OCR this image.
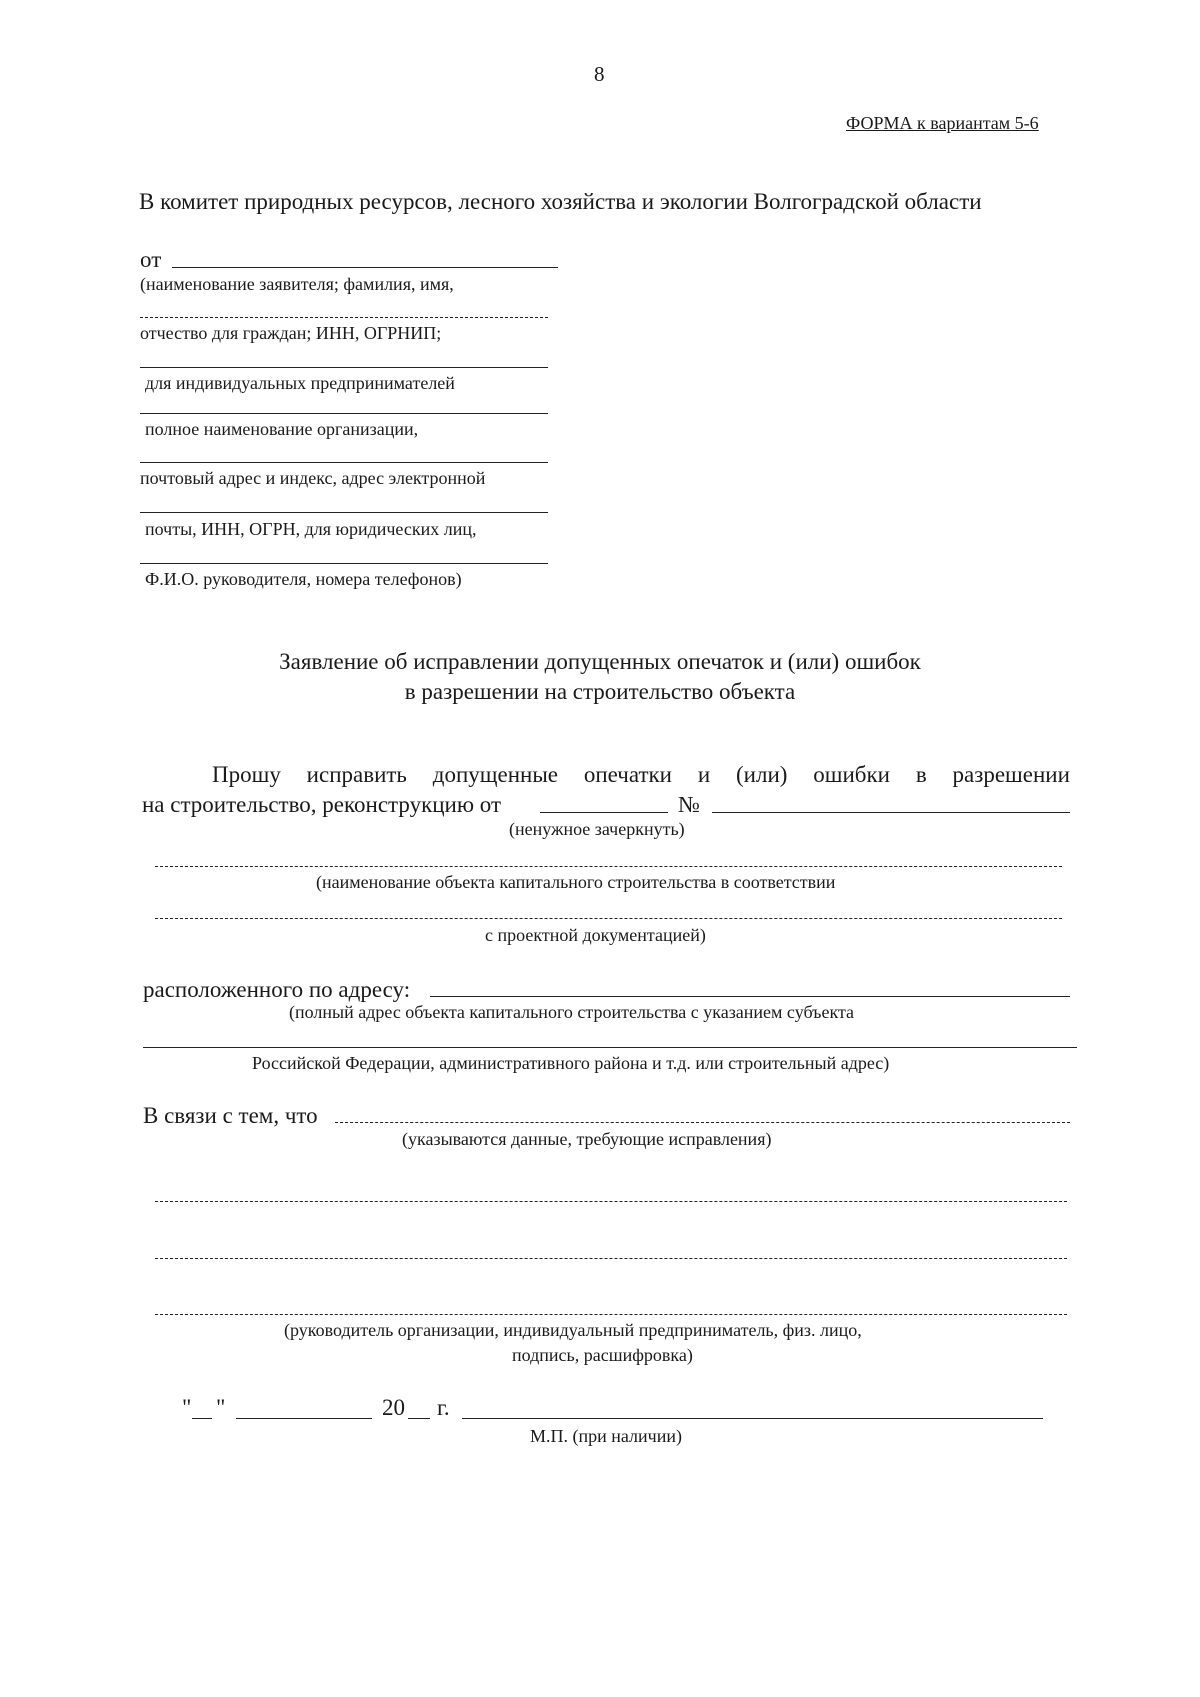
8
ФОРМА к вариантам 5-6
В комитет природных ресурсов, лесного хозяйства и экологии Волгоградской области
от
(наименование заявителя; фамилия, имя,
отчество для граждан; ИНН, ОГРНИП;
для индивидуальных предпринимателей
полное наименование организации,
почтовый адрес и индекс, адрес электронной
почты, ИНН, ОГРН, для юридических лиц,
Ф.И.О. руководителя, номера телефонов)
Заявление об исправлении допущенных опечаток и (или) ошибок
в разрешении на строительство объекта
Прошу исправить допущенные опечатки и (или) ошибки в разрешении
на строительство, реконструкцию от	№
(ненужное зачеркнуть)
(наименование объекта капитального строительства в соответствии
с проектной документацией)
расположенного по адресу:
(полный адрес объекта капитального строительства с указанием субъекта
Российской Федерации, административного района и т.д. или строительный адрес)
В связи с тем, что
(указываются данные, требующие исправления)
(руководитель организации, индивидуальный предприниматель, физ. лицо,
подпись, расшифровка)
" "	20 г.
М.П. (при наличии)
